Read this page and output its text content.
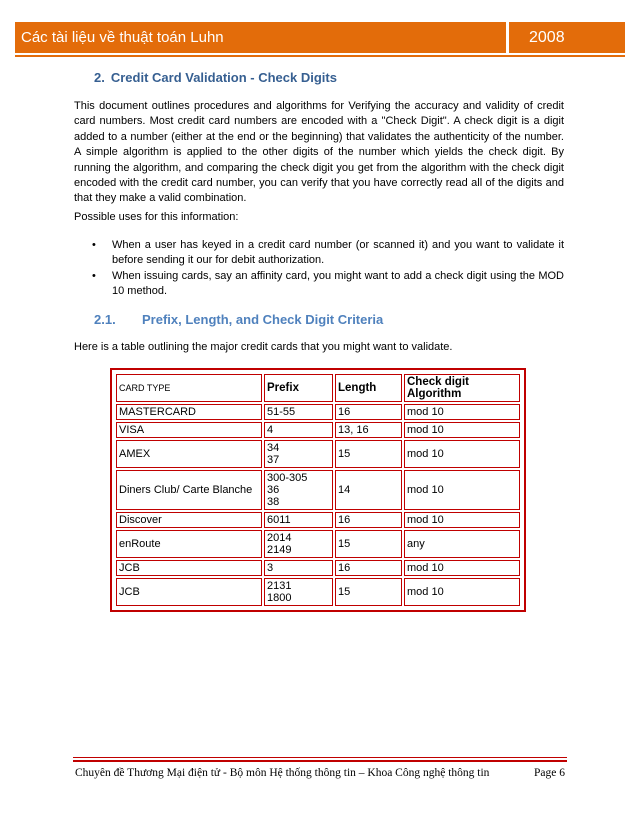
Các tài liệu về thuật toán Luhn	2008
2. Credit Card Validation - Check Digits
This document outlines procedures and algorithms for Verifying the accuracy and validity of credit card numbers. Most credit card numbers are encoded with a "Check Digit". A check digit is a digit added to a number (either at the end or the beginning) that validates the authenticity of the number. A simple algorithm is applied to the other digits of the number which yields the check digit. By running the algorithm, and comparing the check digit you get from the algorithm with the check digit encoded with the credit card number, you can verify that you have correctly read all of the digits and that they make a valid combination.
Possible uses for this information:
• When a user has keyed in a credit card number (or scanned it) and you want to validate it before sending it our for debit authorization.
• When issuing cards, say an affinity card, you might want to add a check digit using the MOD 10 method.
2.1. Prefix, Length, and Check Digit Criteria
Here is a table outlining the major credit cards that you might want to validate.
CARD TYPE	Prefix	Length	Check digit Algorithm
MASTERCARD	51-55	16	mod 10
VISA	4	13, 16	mod 10
AMEX	34
37	15	mod 10
Diners Club/ Carte Blanche	300-305
36
38	14	mod 10
Discover	6011	16	mod 10
enRoute	2014
2149	15	any
JCB	3	16	mod 10
JCB	2131
1800	15	mod 10
Chuyên đề Thương Mại điện tử - Bộ môn Hệ thống thông tin – Khoa Công nghệ thông tin	Page 6
